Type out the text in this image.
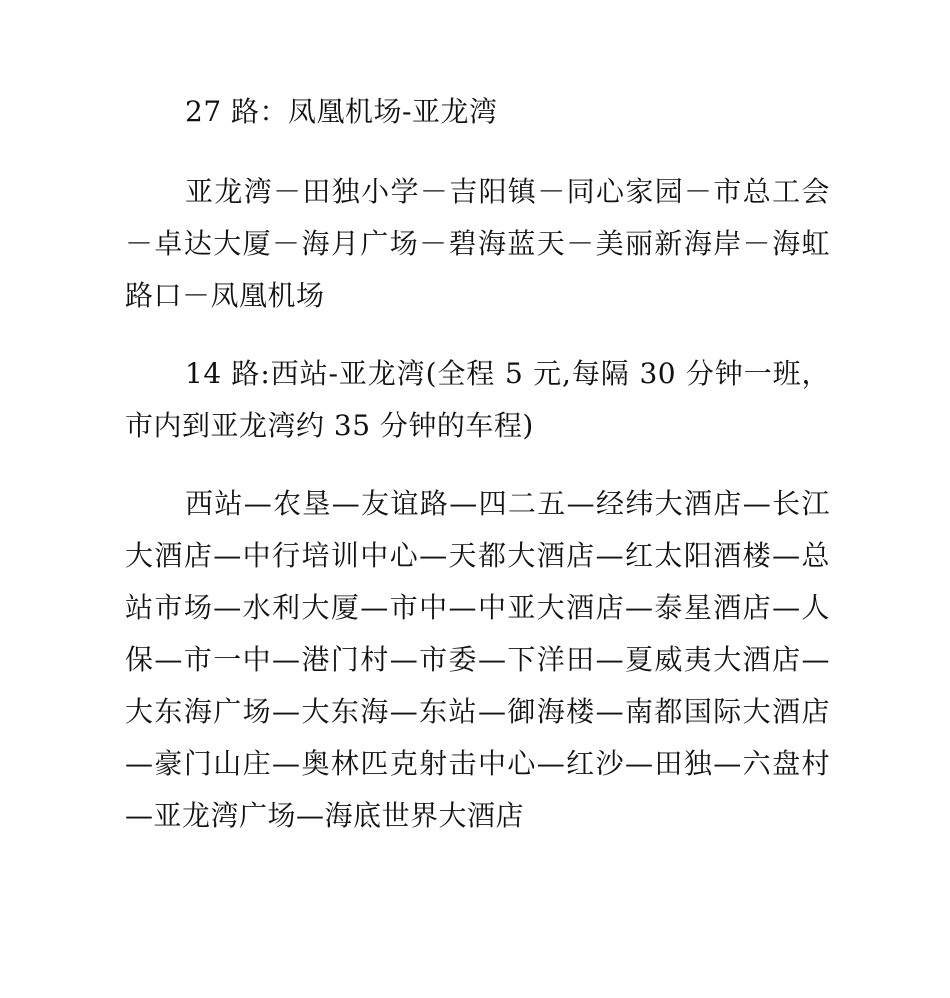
27 路：凤凰机场-亚龙湾

亚龙湾－田独小学－吉阳镇－同心家园－市总工会－卓达大厦－海月广场－碧海蓝天－美丽新海岸－海虹路口－凤凰机场

14 路:西站-亚龙湾(全程 5 元,每隔 30 分钟一班，市内到亚龙湾约 35 分钟的车程)

西站—农垦—友谊路—四二五—经纬大酒店—长江大酒店—中行培训中心—天都大酒店—红太阳酒楼—总站市场—水利大厦—市中—中亚大酒店—泰星酒店—人保—市一中—港门村—市委—下洋田—夏威夷大酒店—大东海广场—大东海—东站—御海楼—南都国际大酒店—豪门山庄—奥林匹克射击中心—红沙—田独—六盘村—亚龙湾广场—海底世界大酒店
